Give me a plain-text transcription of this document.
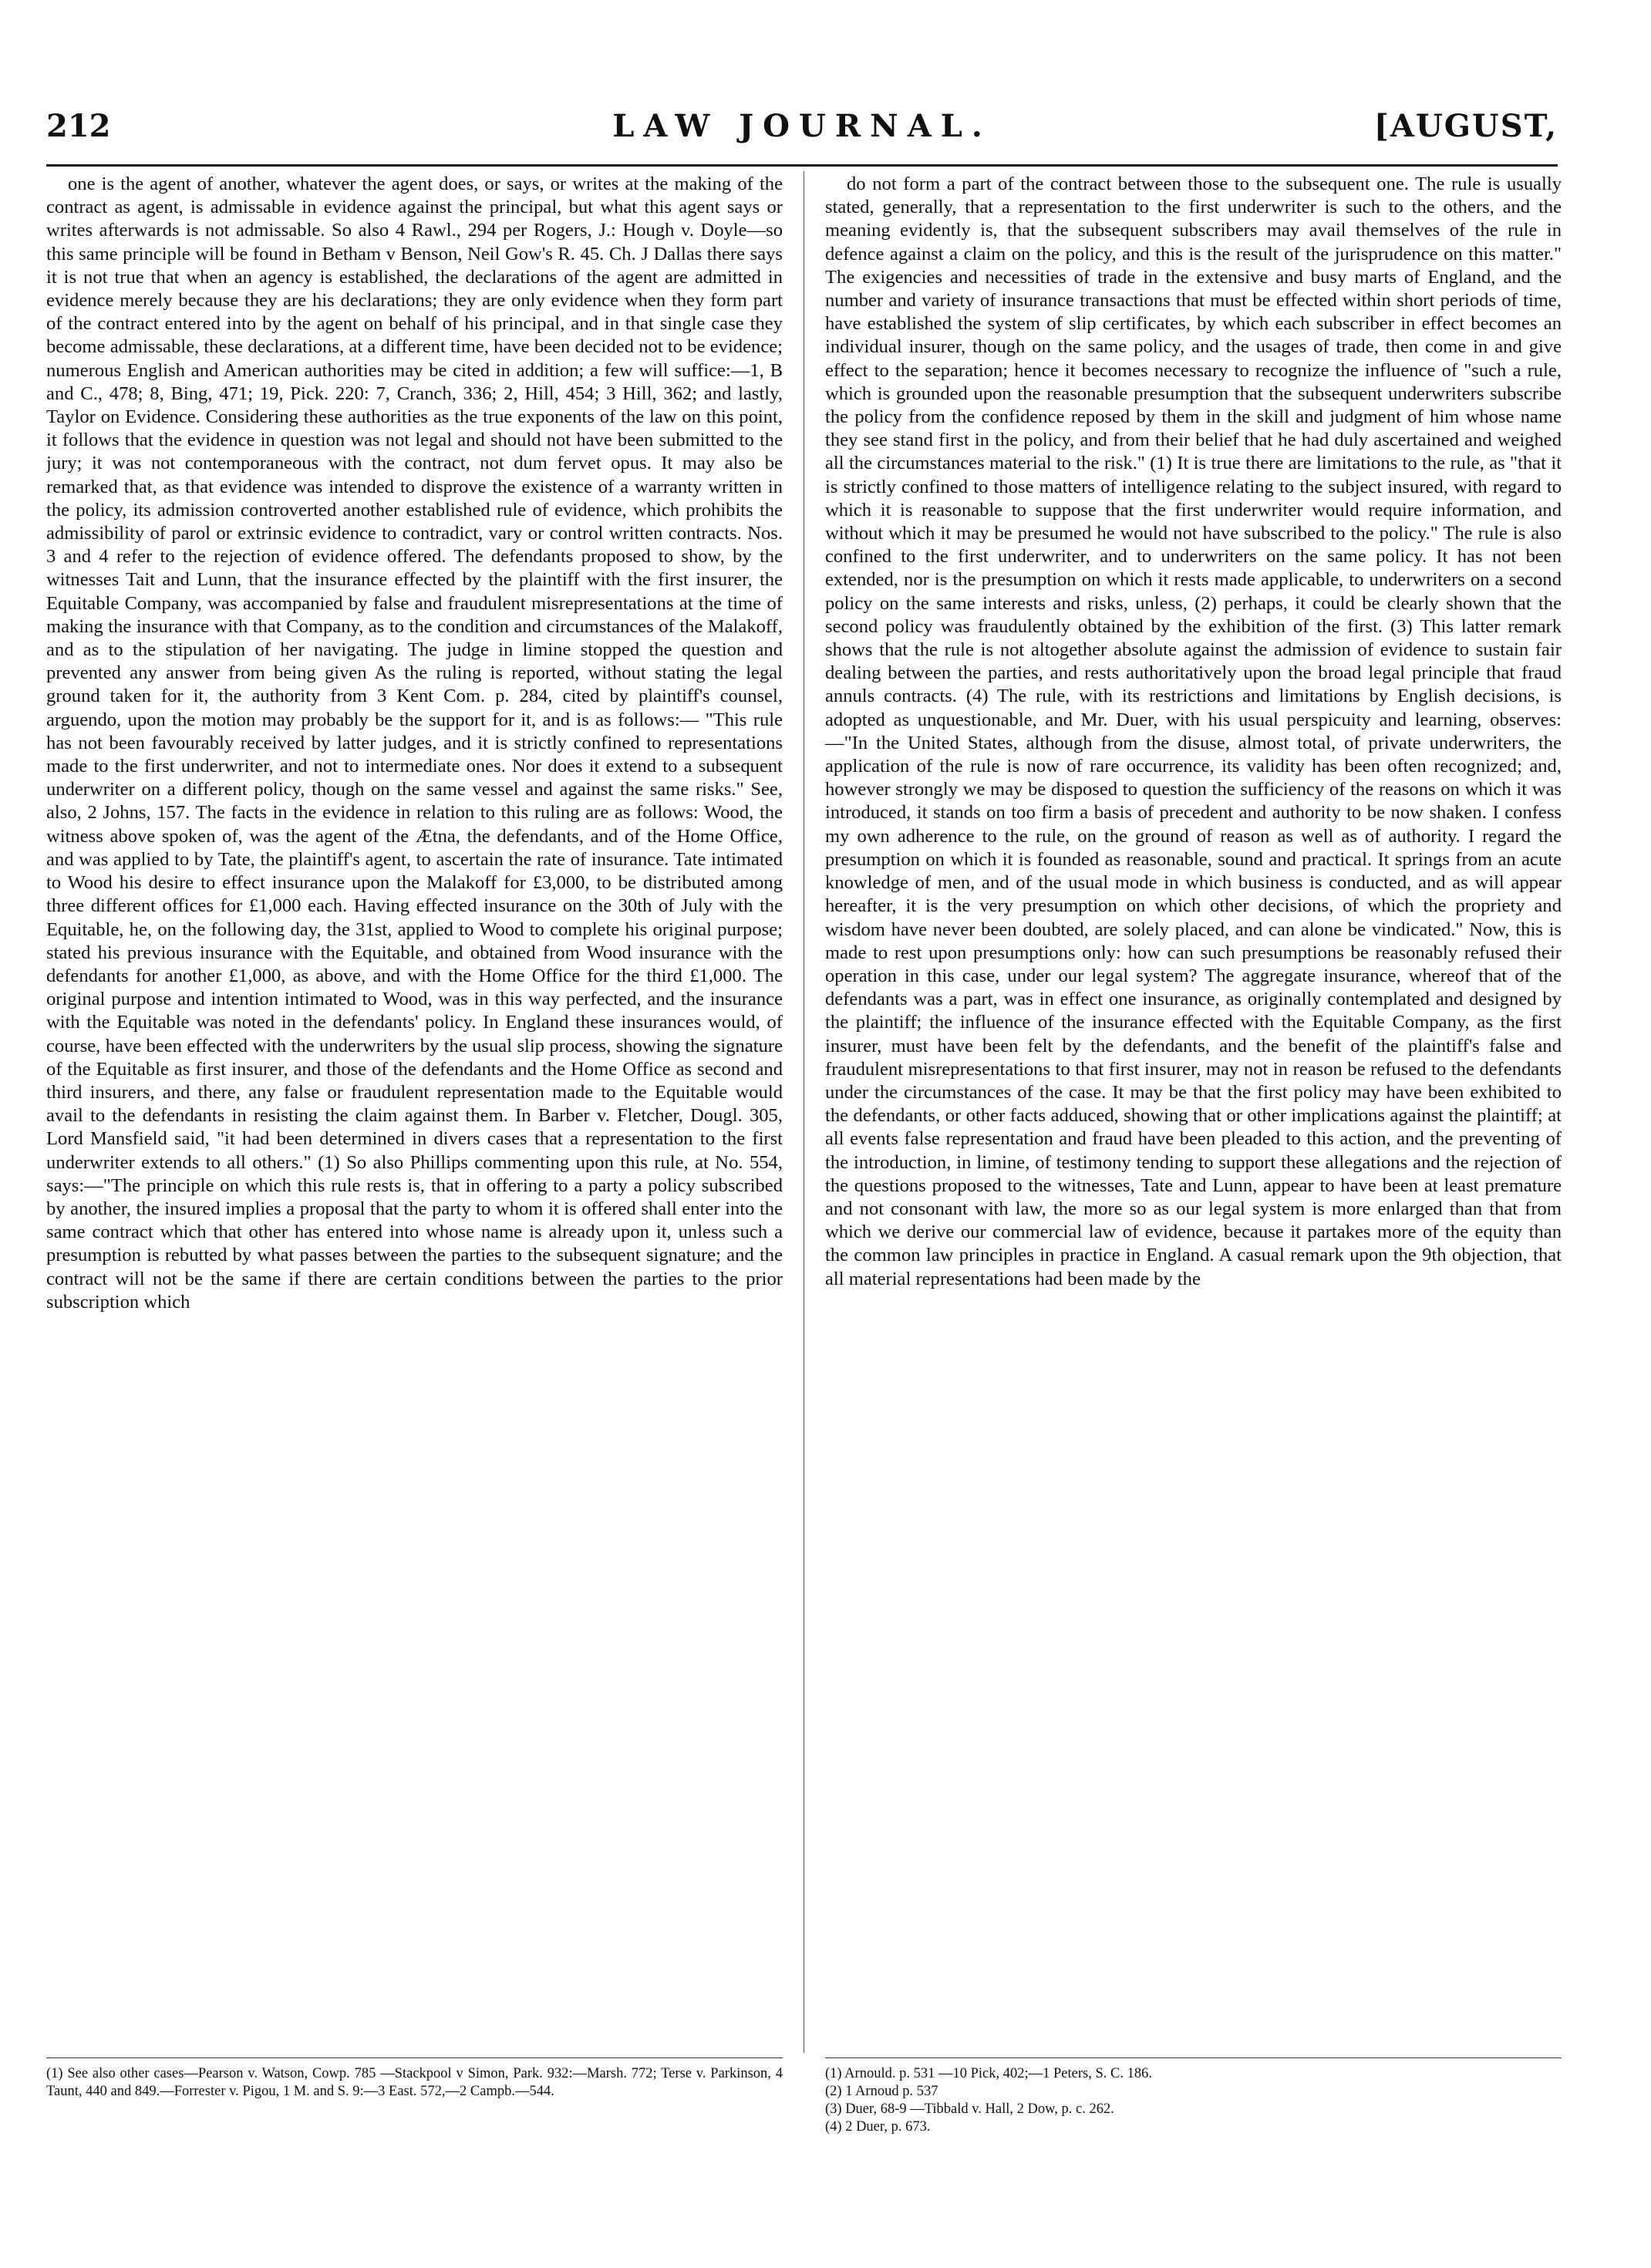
212	LAW JOURNAL.	[AUGUST,

one is the agent of another, whatever the agent does, or says, or writes at the making of the contract as agent, is admissable in evidence against the principal, but what this agent says or writes afterwards is not admissable. So also 4 Rawl., 294 per Rogers, J.: Hough v. Doyle—so this same principle will be found in Betham v Benson, Neil Gow's R. 45. Ch. J Dallas there says it is not true that when an agency is established, the declarations of the agent are admitted in evidence merely because they are his declarations; they are only evidence when they form part of the contract entered into by the agent on behalf of his principal, and in that single case they become admissable, these declarations, at a different time, have been decided not to be evidence; numerous English and American authorities may be cited in addition; a few will suffice:—1, B and C., 478; 8, Bing, 471; 19, Pick. 220: 7, Cranch, 336; 2, Hill, 454; 3 Hill, 362; and lastly, Taylor on Evidence. Considering these authorities as the true exponents of the law on this point, it follows that the evidence in question was not legal and should not have been submitted to the jury; it was not contemporaneous with the contract, not dum fervet opus. It may also be remarked that, as that evidence was intended to disprove the existence of a warranty written in the policy, its admission controverted another established rule of evidence, which prohibits the admissibility of parol or extrinsic evidence to contradict, vary or control written contracts. Nos. 3 and 4 refer to the rejection of evidence offered. The defendants proposed to show, by the witnesses Tait and Lunn, that the insurance effected by the plaintiff with the first insurer, the Equitable Company, was accompanied by false and fraudulent misrepresentations at the time of making the insurance with that Company, as to the condition and circumstances of the Malakoff, and as to the stipulation of her navigating. The judge in limine stopped the question and prevented any answer from being given As the ruling is reported, without stating the legal ground taken for it, the authority from 3 Kent Com. p. 284, cited by plaintiff's counsel, arguendo, upon the motion may probably be the support for it, and is as follows:— "This rule has not been favourably received by latter judges, and it is strictly confined to representations made to the first underwriter, and not to intermediate ones. Nor does it extend to a subsequent underwriter on a different policy, though on the same vessel and against the same risks." See, also, 2 Johns, 157. The facts in the evidence in relation to this ruling are as follows: Wood, the witness above spoken of, was the agent of the Ætna, the defendants, and of the Home Office, and was applied to by Tate, the plaintiff's agent, to ascertain the rate of insurance. Tate intimated to Wood his desire to effect insurance upon the Malakoff for £3,000, to be distributed among three different offices for £1,000 each. Having effected insurance on the 30th of July with the Equitable, he, on the following day, the 31st, applied to Wood to complete his original purpose; stated his previous insurance with the Equitable, and obtained from Wood insurance with the defendants for another £1,000, as above, and with the Home Office for the third £1,000. The original purpose and intention intimated to Wood, was in this way perfected, and the insurance with the Equitable was noted in the defendants' policy. In England these insurances would, of course, have been effected with the underwriters by the usual slip process, showing the signature of the Equitable as first insurer, and those of the defendants and the Home Office as second and third insurers, and there, any false or fraudulent representation made to the Equitable would avail to the defendants in resisting the claim against them. In Barber v. Fletcher, Dougl. 305, Lord Mansfield said, "it had been determined in divers cases that a representation to the first underwriter extends to all others." (1) So also Phillips commenting upon this rule, at No. 554, says:—"The principle on which this rule rests is, that in offering to a party a policy subscribed by another, the insured implies a proposal that the party to whom it is offered shall enter into the same contract which that other has entered into whose name is already upon it, unless such a presumption is rebutted by what passes between the parties to the subsequent signature; and the contract will not be the same if there are certain conditions between the parties to the prior subscription which

do not form a part of the contract between those to the subsequent one. The rule is usually stated, generally, that a representation to the first underwriter is such to the others, and the meaning evidently is, that the subsequent subscribers may avail themselves of the rule in defence against a claim on the policy, and this is the result of the jurisprudence on this matter." The exigencies and necessities of trade in the extensive and busy marts of England, and the number and variety of insurance transactions that must be effected within short periods of time, have established the system of slip certificates, by which each subscriber in effect becomes an individual insurer, though on the same policy, and the usages of trade, then come in and give effect to the separation; hence it becomes necessary to recognize the influence of "such a rule, which is grounded upon the reasonable presumption that the subsequent underwriters subscribe the policy from the confidence reposed by them in the skill and judgment of him whose name they see stand first in the policy, and from their belief that he had duly ascertained and weighed all the circumstances material to the risk." (1) It is true there are limitations to the rule, as "that it is strictly confined to those matters of intelligence relating to the subject insured, with regard to which it is reasonable to suppose that the first underwriter would require information, and without which it may be presumed he would not have subscribed to the policy." The rule is also confined to the first underwriter, and to underwriters on the same policy. It has not been extended, nor is the presumption on which it rests made applicable, to underwriters on a second policy on the same interests and risks, unless, (2) perhaps, it could be clearly shown that the second policy was fraudulently obtained by the exhibition of the first. (3) This latter remark shows that the rule is not altogether absolute against the admission of evidence to sustain fair dealing between the parties, and rests authoritatively upon the broad legal principle that fraud annuls contracts. (4) The rule, with its restrictions and limitations by English decisions, is adopted as unquestionable, and Mr. Duer, with his usual perspicuity and learning, observes:—"In the United States, although from the disuse, almost total, of private underwriters, the application of the rule is now of rare occurrence, its validity has been often recognized; and, however strongly we may be disposed to question the sufficiency of the reasons on which it was introduced, it stands on too firm a basis of precedent and authority to be now shaken. I confess my own adherence to the rule, on the ground of reason as well as of authority. I regard the presumption on which it is founded as reasonable, sound and practical. It springs from an acute knowledge of men, and of the usual mode in which business is conducted, and as will appear hereafter, it is the very presumption on which other decisions, of which the propriety and wisdom have never been doubted, are solely placed, and can alone be vindicated." Now, this is made to rest upon presumptions only: how can such presumptions be reasonably refused their operation in this case, under our legal system? The aggregate insurance, whereof that of the defendants was a part, was in effect one insurance, as originally contemplated and designed by the plaintiff; the influence of the insurance effected with the Equitable Company, as the first insurer, must have been felt by the defendants, and the benefit of the plaintiff's false and fraudulent misrepresentations to that first insurer, may not in reason be refused to the defendants under the circumstances of the case. It may be that the first policy may have been exhibited to the defendants, or other facts adduced, showing that or other implications against the plaintiff; at all events false representation and fraud have been pleaded to this action, and the preventing of the introduction, in limine, of testimony tending to support these allegations and the rejection of the questions proposed to the witnesses, Tate and Lunn, appear to have been at least premature and not consonant with law, the more so as our legal system is more enlarged than that from which we derive our commercial law of evidence, because it partakes more of the equity than the common law principles in practice in England. A casual remark upon the 9th objection, that all material representations had been made by the

(1) See also other cases—Pearson v. Watson, Cowp. 785 —Stackpool v Simon, Park. 932:—Marsh. 772; Terse v. Parkinson, 4 Taunt, 440 and 849.—Forrester v. Pigou, 1 M. and S. 9:—3 East. 572,—2 Campb.—544.

(1) Arnould. p. 531 —10 Pick, 402;—1 Peters, S. C. 186.

(2) 1 Arnoud p. 537

(3) Duer, 68-9 —Tibbald v. Hall, 2 Dow, p. c. 262.

(4) 2 Duer, p. 673.
